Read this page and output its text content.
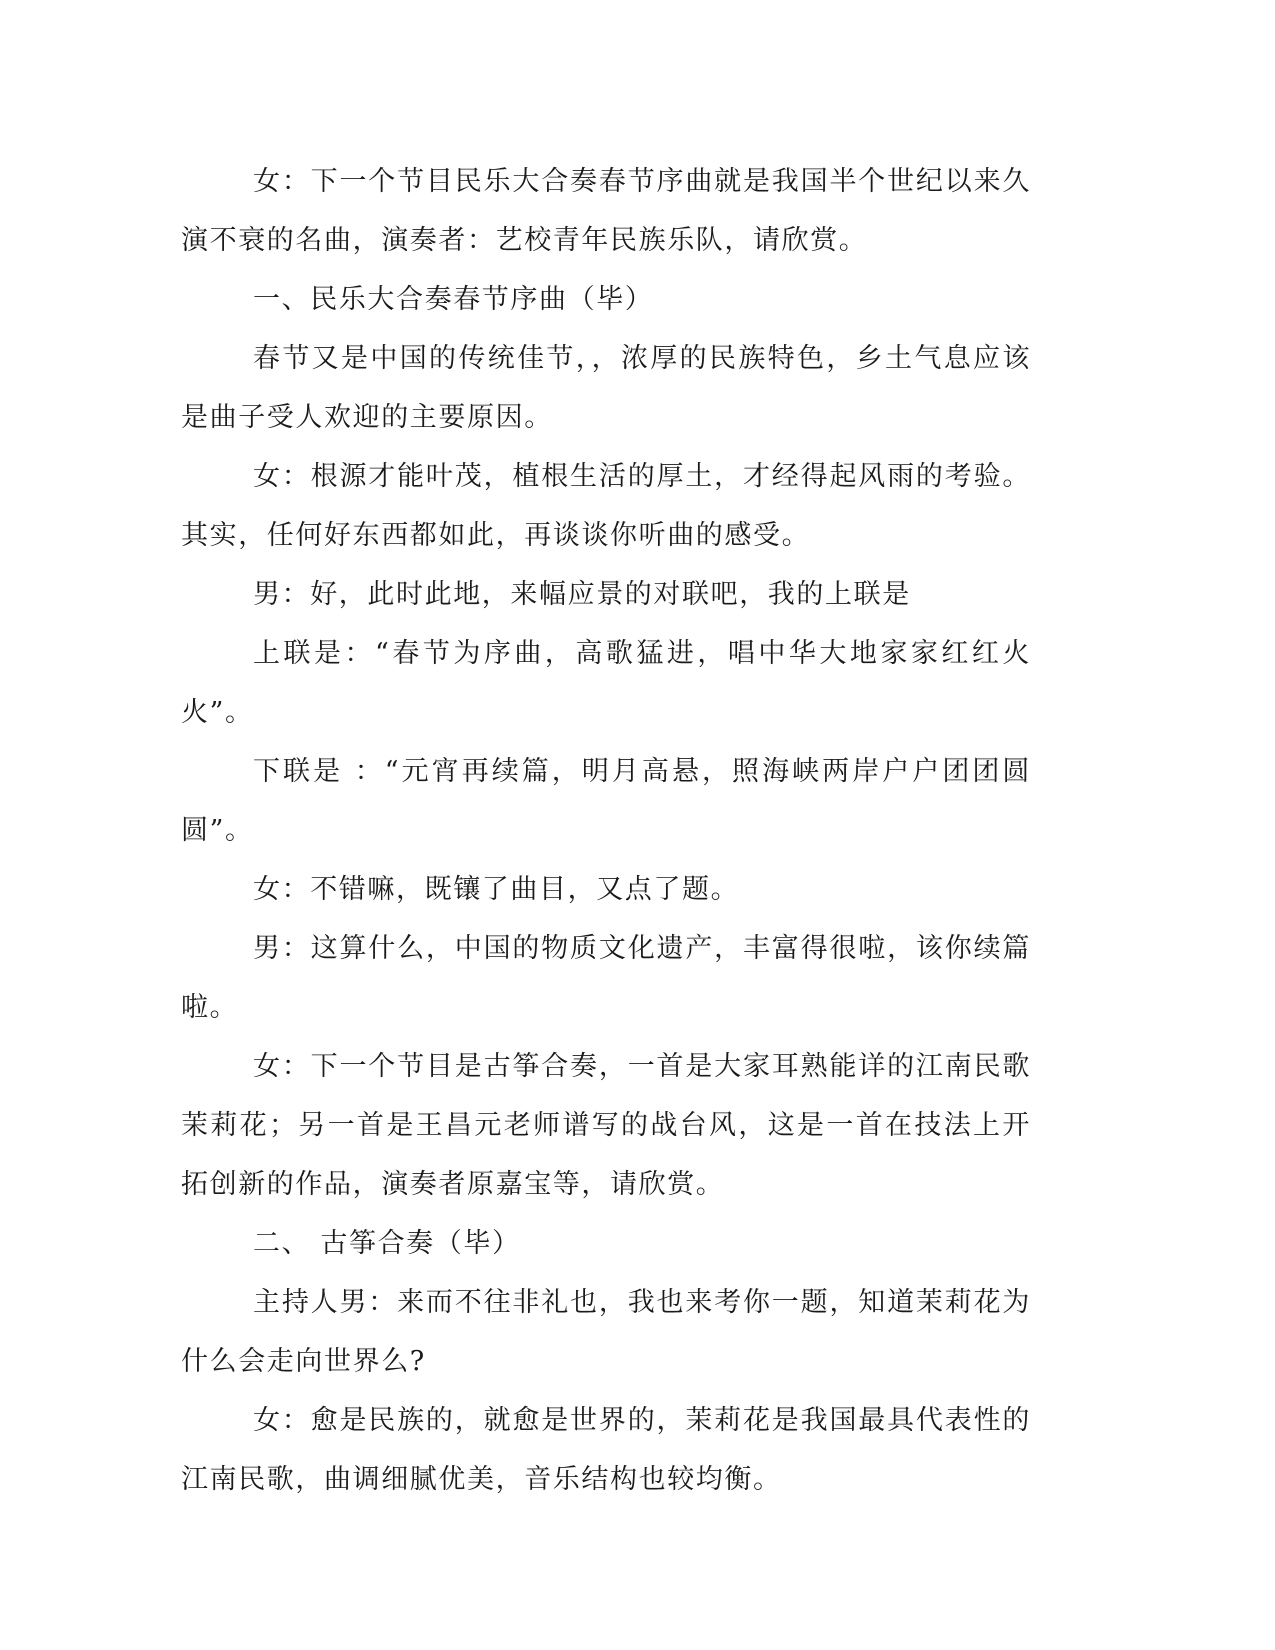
女：下一个节目民乐大合奏春节序曲就是我国半个世纪以来久演不衰的名曲，演奏者：艺校青年民族乐队，请欣赏。

一、民乐大合奏春节序曲（毕）

春节又是中国的传统佳节，，浓厚的民族特色，乡土气息应该是曲子受人欢迎的主要原因。

女：根源才能叶茂，植根生活的厚土，才经得起风雨的考验。其实，任何好东西都如此，再谈谈你听曲的感受。

男：好，此时此地，来幅应景的对联吧，我的上联是

上联是：“春节为序曲，高歌猛进，唱中华大地家家红红火火”。

下联是 ：“元宵再续篇，明月高悬，照海峡两岸户户团团圆圆”。

女：不错嘛，既镶了曲目，又点了题。

男：这算什么，中国的物质文化遗产，丰富得很啦，该你续篇啦。

女：下一个节目是古筝合奏，一首是大家耳熟能详的江南民歌茉莉花；另一首是王昌元老师谱写的战台风，这是一首在技法上开拓创新的作品，演奏者原嘉宝等，请欣赏。

二、 古筝合奏（毕）

主持人男：来而不往非礼也，我也来考你一题，知道茉莉花为什么会走向世界么?

女：愈是民族的，就愈是世界的，茉莉花是我国最具代表性的江南民歌，曲调细腻优美，音乐结构也较均衡。
